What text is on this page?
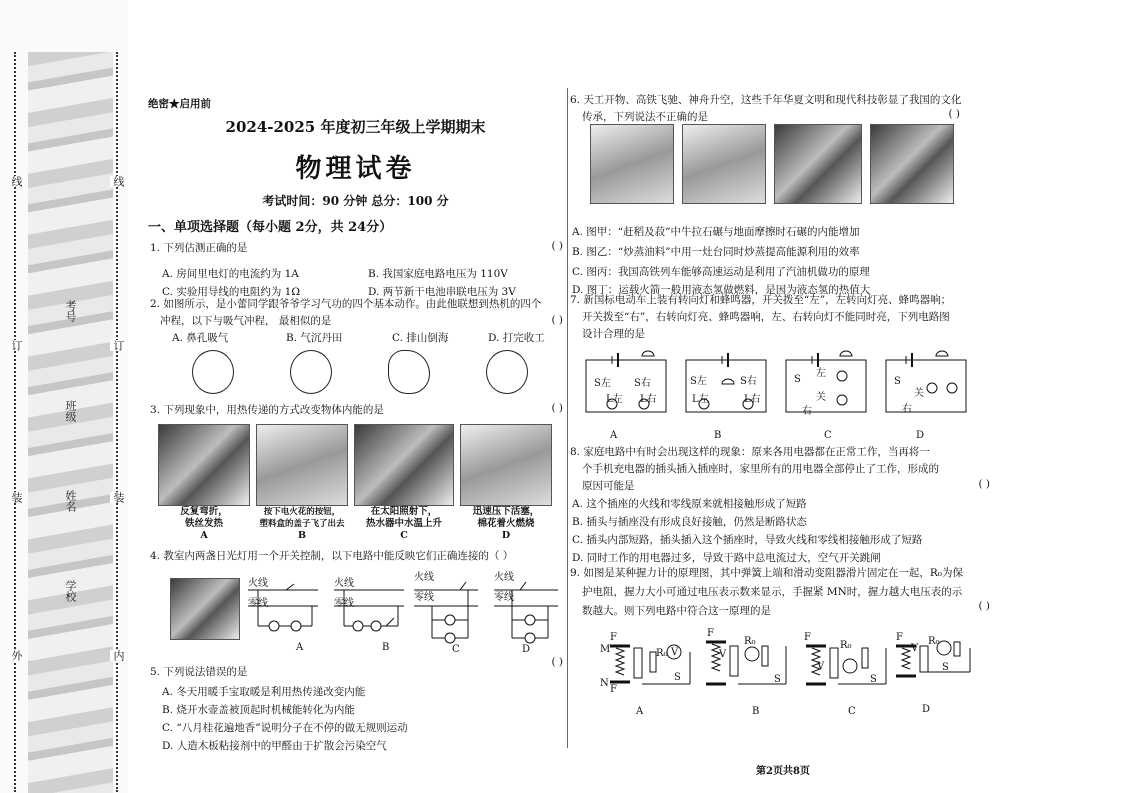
线
订
装
外
线
订
装
内
考号
班级
姓名
学校
绝密★启用前
2024-2025 年度初三年级上学期期末
物理试卷
考试时间：90 分钟 总分：100 分
一、单项选择题（每小题 2分，共 24分）
1. 下列估测正确的是	( )
A. 房间里电灯的电流约为 1A	B. 我国家庭电路电压为 110V
C. 实验用导线的电阻约为 1Ω	D. 两节新干电池串联电压为 3V
2. 如图所示，是小蕾同学跟爷爷学习气功的四个基本动作。由此他联想到热机的四个
冲程，以下与吸气冲程， 最相似的是	( )
A. 鼻孔吸气	B. 气沉丹田	C. 排山倒海	D. 打完收工
3. 下列现象中，用热传递的方式改变物体内能的是	( )
反复弯折，
铁丝发热
A
按下电火花的按钮，
塑料盒的盖子飞了出去
B
在太阳照射下，
热水器中水温上升
C
迅速压下活塞，
棉花着火燃烧
D
4. 教室内两盏日光灯用一个开关控制，以下电路中能反映它们正确连接的（ ）
火线
零线
火线
零线
火线
零线
火线
零线
A	B	C	D
( )
5. 下列说法错误的是
A. 冬天用暖手宝取暖是利用热传递改变内能
B. 烧开水壶盖被顶起时机械能转化为内能
C. “八月桂花遍地香”说明分子在不停的做无规则运动
D. 人造木板粘接剂中的甲醛由于扩散会污染空气
6. 天工开物、高铁飞驰、神舟升空，这些千年华夏文明和现代科技彰显了我国的文化
传承，下列说法不正确的是	( )
A. 图甲：“赶稻及菽”中牛拉石碾与地面摩擦时石碾的内能增加
B. 图乙：“炒蒸油料”中用一灶台同时炒蒸提高能源利用的效率
C. 图丙：我国高铁列车能够高速运动是利用了汽油机做功的原理
D. 图丁：运载火箭一般用液态氢做燃料，是因为液态氢的热值大
7. 新国标电动车上装有转向灯和蜂鸣器，开关拨至“左”，左转向灯亮、蜂鸣器响；
开关拨至“右”，右转向灯亮、蜂鸣器响，左、右转向灯不能同时亮，下列电路图
设计合理的是
S左 S右
L左 L右
S左	S右
L左	L右
S
左
关
右
S
关
右
A	B	C	D
8. 家庭电路中有时会出现这样的现象：原来各用电器都在正常工作，当再将一
个手机充电器的插头插入插座时，家里所有的用电器全部停止了工作，形成的
原因可能是	( )
A. 这个插座的火线和零线原来就相接触形成了短路
B. 插头与插座没有形成良好接触，仍然是断路状态
C. 插头内部短路，插头插入这个插座时，导致火线和零线相接触形成了短路
D. 同时工作的用电器过多，导致干路中总电流过大，空气开关跳闸
9. 如图是某种握力计的原理图，其中弹簧上端和滑动变阻器滑片固定在一起，R₀为保
护电阻，握力大小可通过电压表示数来显示，手握紧 MN时，握力越大电压表的示
数越大。则下列电路中符合这一原理的是	( )
M
N
F
F
R₀ V
S
F
V
R₀
S
F
V
R₀
S
F
V
R₀
S
A	B	C	D
第2页共8页
